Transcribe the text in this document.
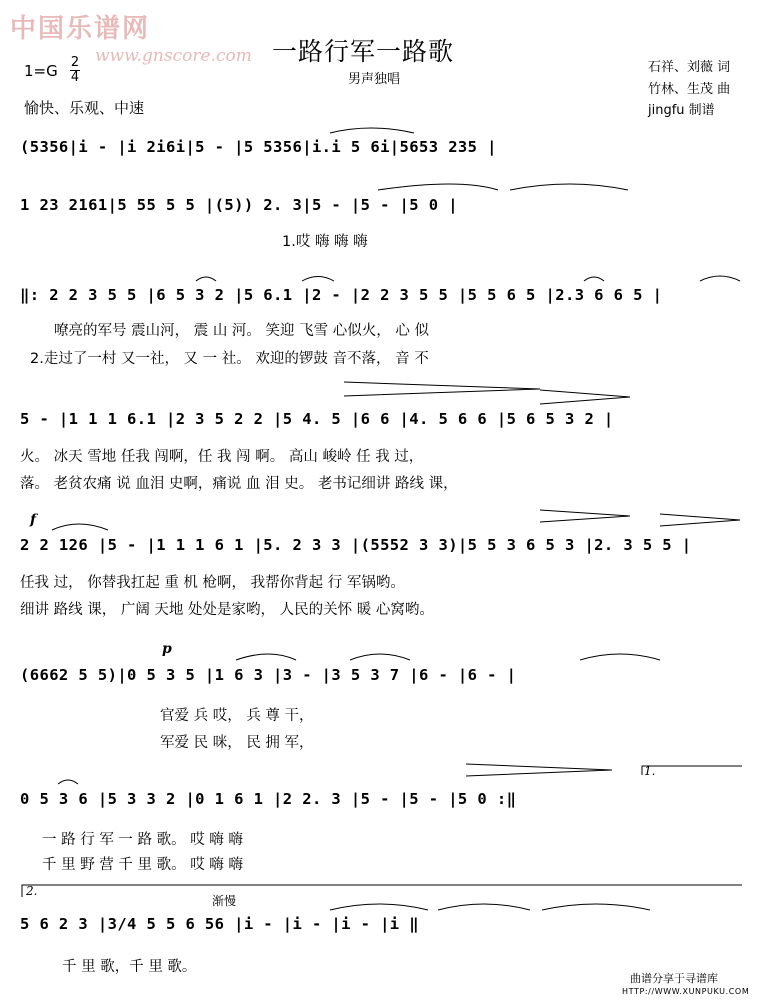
中国乐谱网
www.gnscore.com 一路行军一路歌
男声独唱
石祥、刘薇 词
竹林、生茂 曲
jingfu 制谱
1=G 2
4
愉快、乐观、中速
(5356|i - |i 2i6i|5 - |5 5356|i.i 5 6i|5653 235 |
1 23 2161|5 55 5 5 |(5)) 2. 3|5 - |5 - |5 0 |
1.哎 嗨 嗨 嗨
‖: 2 2 3 5 5 |6 5 3 2 |5 6.1 |2 - |2 2 3 5 5 |5 5 6 5 |2.3 6 6 5 |
嘹亮的军号 震山河， 震 山 河。 笑迎 飞雪 心似火， 心 似
2.走过了一村 又一社， 又 一 社。 欢迎的锣鼓 音不落， 音 不
5 - |1 1 1 6.1 |2 3 5 2 2 |5 4. 5 |6 6 |4. 5 6 6 |5 6 5 3 2 |
火。 冰天 雪地 任我 闯啊，任 我 闯 啊。 高山 峻岭 任 我 过，
落。 老贫农痛 说 血泪 史啊，痛说 血 泪 史。 老书记细讲 路线 课，
f
2 2 126 |5 - |1 1 1 6 1 |5. 2 3 3 |(5552 3 3)|5 5 3 6 5 3 |2. 3 5 5 |
任我 过， 你替我扛起 重 机 枪啊， 我帮你背起 行 军锅哟。
细讲 路线 课， 广阔 天地 处处是家哟， 人民的关怀 暖 心窝哟。
p
(6662 5 5)|0 5 3 5 |1 6 3 |3 - |3 5 3 7 |6 - |6 - |
官爱 兵 哎， 兵 尊 干，
军爱 民 咪， 民 拥 军，
1.
0 5 3 6 |5 3 3 2 |0 1 6 1 |2 2. 3 |5 - |5 - |5 0 :‖
一 路 行 军 一 路 歌。 哎 嗨 嗨
千 里 野 营 千 里 歌。 哎 嗨 嗨
2.
渐慢
5 6 2 3 |3/4 5 5 6 56 |i - |i - |i - |i ‖
千 里 歌，千 里 歌。
曲谱分享于寻谱库
HTTP://WWW.XUNPUKU.COM
